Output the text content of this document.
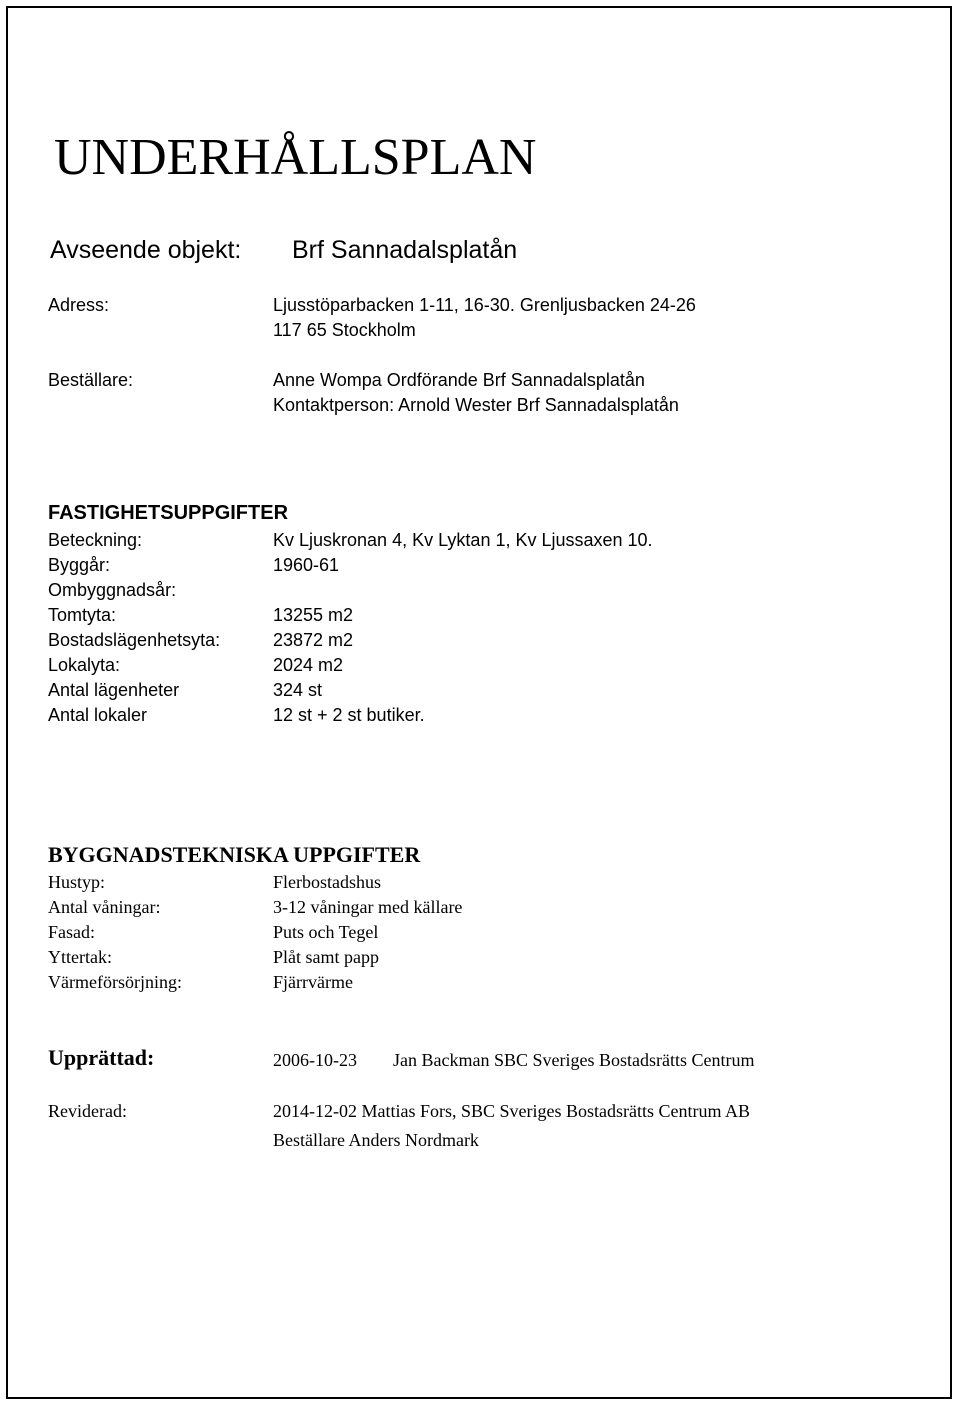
UNDERHÅLLSPLAN
Avseende objekt: Brf Sannadalsplatån
Adress:	Ljusstöparbacken 1-11, 16-30. Grenljusbacken 24-26
117 65 Stockholm
Beställare:	Anne Wompa Ordförande Brf Sannadalsplatån
Kontaktperson: Arnold Wester Brf Sannadalsplatån
FASTIGHETSUPPGIFTER
Beteckning:	Kv Ljuskronan 4, Kv Lyktan 1, Kv Ljussaxen 10.
Byggår:	1960-61
Ombyggnadsår:
Tomtyta:	13255 m2
Bostadslägenhetsyta:	23872 m2
Lokalyta:	2024 m2
Antal lägenheter	324 st
Antal lokaler	12 st + 2 st butiker.
BYGGNADSTEKNISKA UPPGIFTER
Hustyp:	Flerbostadshus
Antal våningar:	3-12 våningar med källare
Fasad:	Puts och Tegel
Yttertak:	Plåt samt papp
Värmeförsörjning:	Fjärrvärme
Upprättad:	2006-10-23 Jan Backman SBC Sveriges Bostadsrätts Centrum
Reviderad:	2014-12-02 Mattias Fors, SBC Sveriges Bostadsrätts Centrum AB
Beställare Anders Nordmark
